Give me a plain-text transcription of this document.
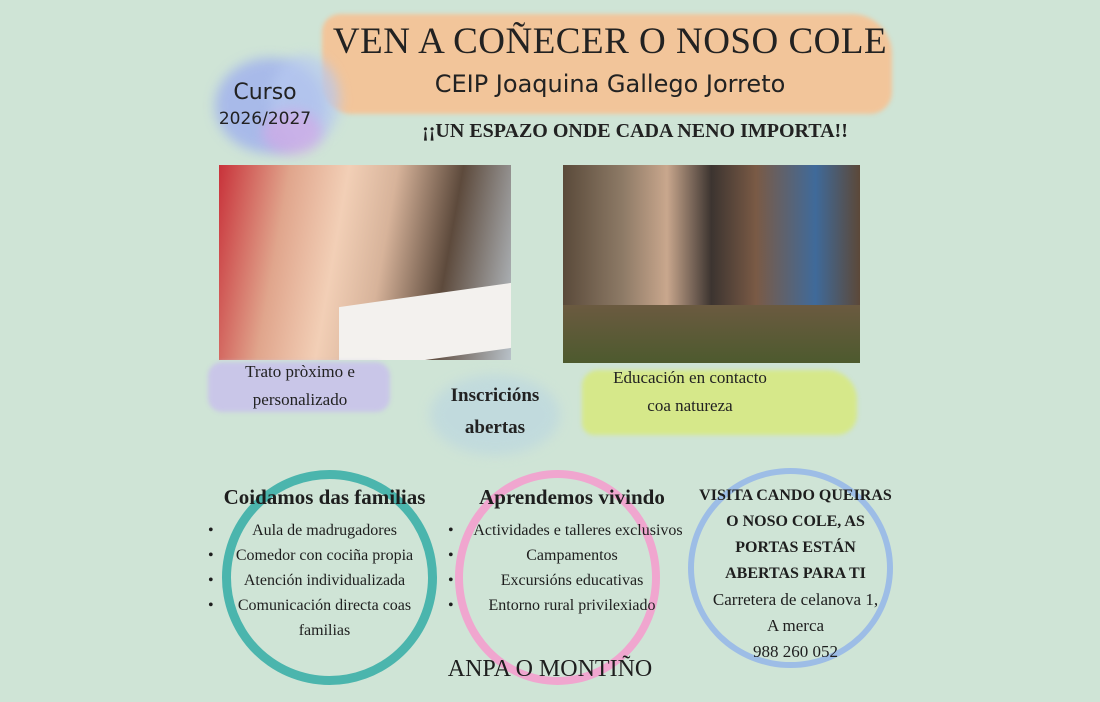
VEN A COÑECER O NOSO COLE
CEIP Joaquina Gallego Jorreto
¡¡UN ESPAZO ONDE CADA NENO IMPORTA!!
Curso
2026/2027
Trato pròximo e
personalizado	Inscricións
abertas
Educación en contacto
coa natureza
Coidamos das familias
• Aula de madrugadores
• Comedor con cociña propia
• Atención individualizada
• Comunicación directa coas
familias
Aprendemos vivindo
• Actividades e talleres exclusivos
• Campamentos
• Excursións educativas
• Entorno rural privilexiado
VISITA CANDO QUEIRAS
O NOSO COLE, AS
PORTAS ESTÁN
ABERTAS PARA TI
Carretera de celanova 1,
A merca
988 260 052
ANPA O MONTIÑO
